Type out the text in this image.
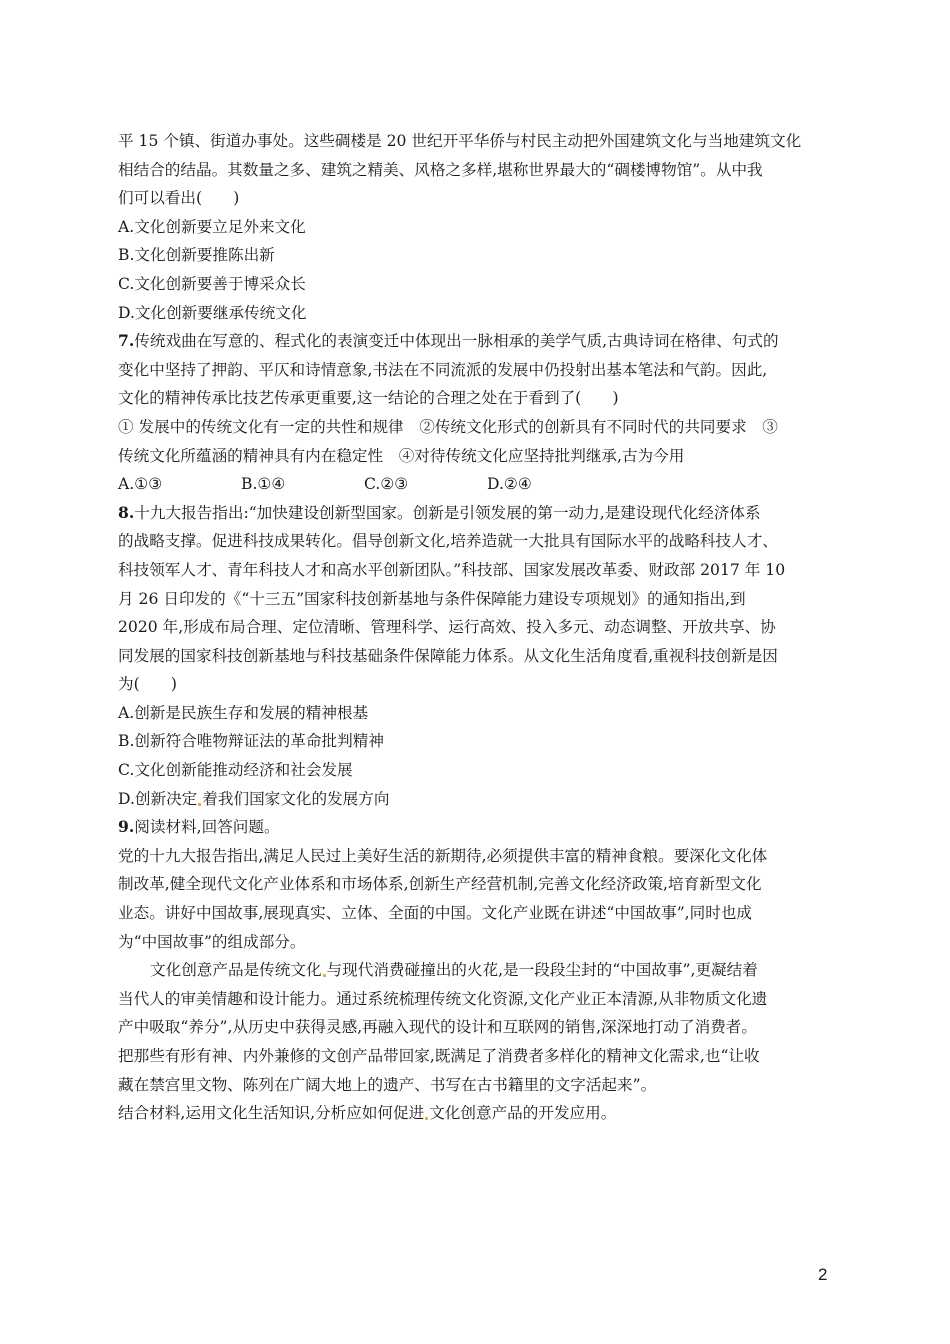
平 15 个镇、街道办事处。这些碉楼是 20 世纪开平华侨与村民主动把外国建筑文化与当地建筑文化
相结合的结晶。其数量之多、建筑之精美、风格之多样,堪称世界最大的“碉楼博物馆”。从中我
们可以看出(　　)
A.文化创新要立足外来文化
B.文化创新要推陈出新
C.文化创新要善于博采众长
D.文化创新要继承传统文化
7.传统戏曲在写意的、程式化的表演变迁中体现出一脉相承的美学气质,古典诗词在格律、句式的
变化中坚持了押韵、平仄和诗情意象,书法在不同流派的发展中仍投射出基本笔法和气韵。因此,
文化的精神传承比技艺传承更重要,这一结论的合理之处在于看到了(　　)
① 发展中的传统文化有一定的共性和规律　②传统文化形式的创新具有不同时代的共同要求　③
传统文化所蕴涵的精神具有内在稳定性　④对待传统文化应坚持批判继承,古为今用
A.①③	B.①④	C.②③	D.②④
8.十九大报告指出:“加快建设创新型国家。创新是引领发展的第一动力,是建设现代化经济体系
的战略支撑。促进科技成果转化。倡导创新文化,培养造就一大批具有国际水平的战略科技人才、
科技领军人才、青年科技人才和高水平创新团队。”科技部、国家发展改革委、财政部 2017 年 10
月 26 日印发的《“十三五”国家科技创新基地与条件保障能力建设专项规划》的通知指出,到
2020 年,形成布局合理、定位清晰、管理科学、运行高效、投入多元、动态调整、开放共享、协
同发展的国家科技创新基地与科技基础条件保障能力体系。从文化生活角度看,重视科技创新是因
为(　　)
A.创新是民族生存和发展的精神根基
B.创新符合唯物辩证法的革命批判精神
C.文化创新能推动经济和社会发展
D.创新决定 着我们国家文化的发展方向
9.阅读材料,回答问题。
党的十九大报告指出,满足人民过上美好生活的新期待,必须提供丰富的精神食粮。要深化文化体
制改革,健全现代文化产业体系和市场体系,创新生产经营机制,完善文化经济政策,培育新型文化
业态。讲好中国故事,展现真实、立体、全面的中国。文化产业既在讲述“中国故事”,同时也成
为“中国故事”的组成部分。
文化创意产品是传统文化 与现代消费碰撞出的火花,是一段段尘封的“中国故事”,更凝结着
当代人的审美情趣和设计能力。通过系统梳理传统文化资源,文化产业正本清源,从非物质文化遗
产中吸取“养分”,从历史中获得灵感,再融入现代的设计和互联网的销售,深深地打动了消费者。
把那些有形有神、内外兼修的文创产品带回家,既满足了消费者多样化的精神文化需求,也“让收
藏在禁宫里文物、陈列在广阔大地上的遗产、书写在古书籍里的文字活起来”。
结合材料,运用文化生活知识,分析应如何促进 文化创意产品的开发应用。
2
